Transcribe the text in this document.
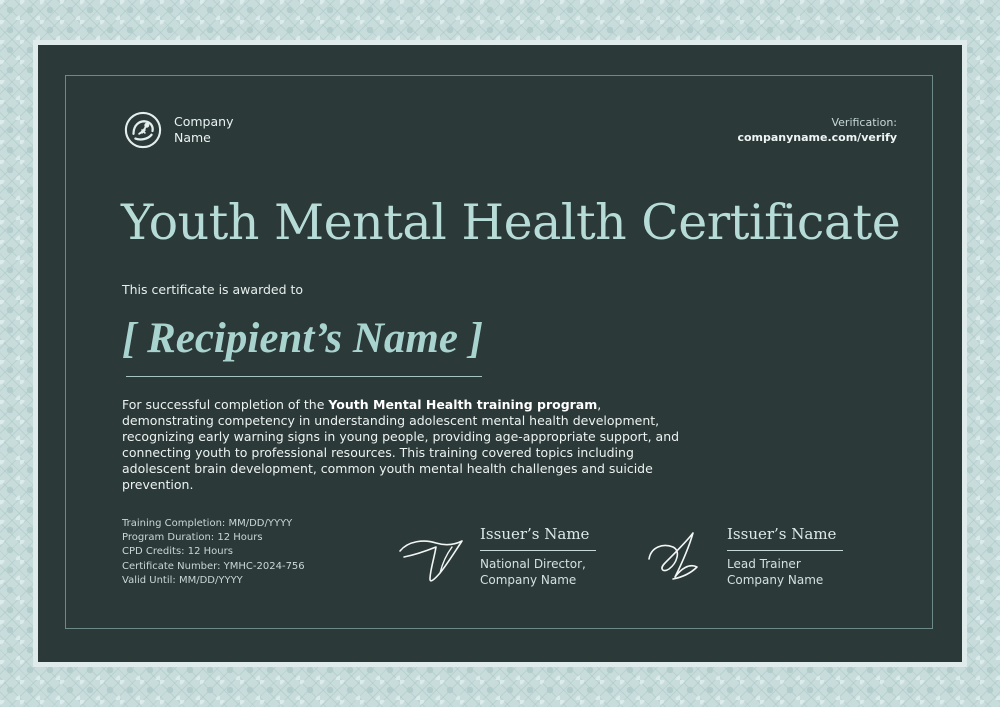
Company
Name
Verification:
companyname.com/verify
Youth Mental Health Certificate
This certificate is awarded to
[ Recipient’s Name ]

For successful completion of the Youth Mental Health training program, demonstrating competency in understanding adolescent mental health development, recognizing early warning signs in young people, providing age-appropriate support, and connecting youth to professional resources. This training covered topics including adolescent brain development, common youth mental health challenges and suicide prevention.

Training Completion: MM/DD/YYYY
Program Duration: 12 Hours
CPD Credits: 12 Hours
Certificate Number: YMHC-2024-756
Valid Until: MM/DD/YYYY
Issuer’s Name
National Director,
Company Name
Issuer’s Name
Lead Trainer
Company Name
